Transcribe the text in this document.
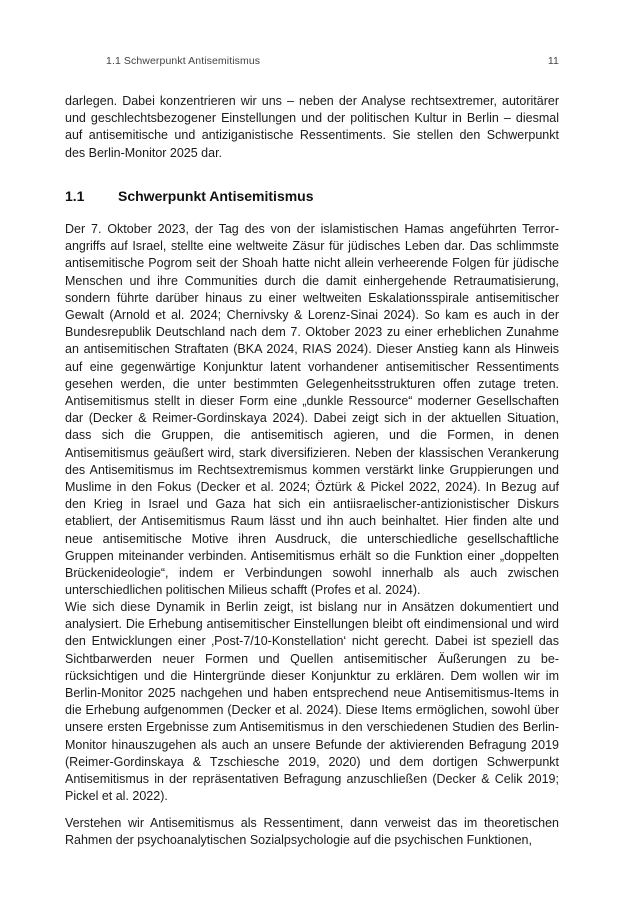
1.1 Schwerpunkt Antisemitismus	11

darlegen. Dabei konzentrieren wir uns – neben der Analyse rechtsextremer, autoritärer und geschlechtsbezogener Einstellungen und der politischen Kultur in Berlin – diesmal auf antisemitische und antiziganistische Ressentiments. Sie stellen den Schwerpunkt des Berlin-Monitor 2025 dar.

1.1 Schwerpunkt Antisemitismus

Der 7. Oktober 2023, der Tag des von der islamistischen Hamas angeführten Terrorangriffs auf Israel, stellte eine weltweite Zäsur für jüdisches Leben dar. Das schlimmste antisemitische Pogrom seit der Shoah hatte nicht allein verheerende Folgen für jüdische Menschen und ihre Communities durch die damit einhergehende Retraumatisierung, sondern führte darüber hinaus zu einer weltweiten Eskalationsspirale antisemitischer Gewalt (Arnold et al. 2024; Chernivsky & Lorenz-Sinai 2024). So kam es auch in der Bundesrepublik Deutschland nach dem 7. Oktober 2023 zu einer erheblichen Zunahme an antisemitischen Straftaten (BKA 2024, RIAS 2024). Dieser Anstieg kann als Hinweis auf eine gegenwärtige Konjunktur latent vorhandener antisemitischer Ressentiments gesehen werden, die unter bestimmten Gelegenheitsstrukturen offen zutage treten. Antisemitismus stellt in dieser Form eine „dunkle Ressource“ moderner Gesellschaften dar (Decker & Reimer-Gordinskaya 2024). Dabei zeigt sich in der aktuellen Situation, dass sich die Gruppen, die antisemitisch agieren, und die Formen, in denen Antisemitismus geäußert wird, stark diversifizieren. Neben der klassischen Verankerung des Antisemitismus im Rechtsextremismus kommen verstärkt linke Gruppierungen und Muslime in den Fokus (Decker et al. 2024; Öztürk & Pickel 2022, 2024). In Bezug auf den Krieg in Israel und Gaza hat sich ein antiisraelischer-antizionistischer Diskurs etabliert, der Antisemitismus Raum lässt und ihn auch beinhaltet. Hier finden alte und neue antisemitische Motive ihren Ausdruck, die unterschiedliche gesellschaftliche Gruppen miteinander verbinden. Antisemitismus erhält so die Funktion einer „doppelten Brückenideologie“, indem er Verbindungen sowohl innerhalb als auch zwischen unterschiedlichen politischen Milieus schafft (Profes et al. 2024).

Wie sich diese Dynamik in Berlin zeigt, ist bislang nur in Ansätzen dokumentiert und analysiert. Die Erhebung antisemitischer Einstellungen bleibt oft eindimensional und wird den Entwicklungen einer ‚Post-7/10-Konstellation‘ nicht gerecht. Dabei ist speziell das Sichtbarwerden neuer Formen und Quellen antisemitischer Äußerungen zu berücksichtigen und die Hintergründe dieser Konjunktur zu erklären. Dem wollen wir im Berlin-Monitor 2025 nachgehen und haben entsprechend neue Antisemitismus-Items in die Erhebung aufgenommen (Decker et al. 2024). Diese Items ermöglichen, sowohl über unsere ersten Ergebnisse zum Antisemitismus in den verschiedenen Studien des Berlin-Monitor hinauszugehen als auch an unsere Befunde der aktivierenden Befragung 2019 (Reimer-Gordinskaya & Tzschiesche 2019, 2020) und dem dortigen Schwerpunkt Antisemitismus in der repräsentativen Befragung anzuschließen (Decker & Celik 2019; Pickel et al. 2022).

Verstehen wir Antisemitismus als Ressentiment, dann verweist das im theoretischen Rahmen der psychoanalytischen Sozialpsychologie auf die psychischen Funktionen,
